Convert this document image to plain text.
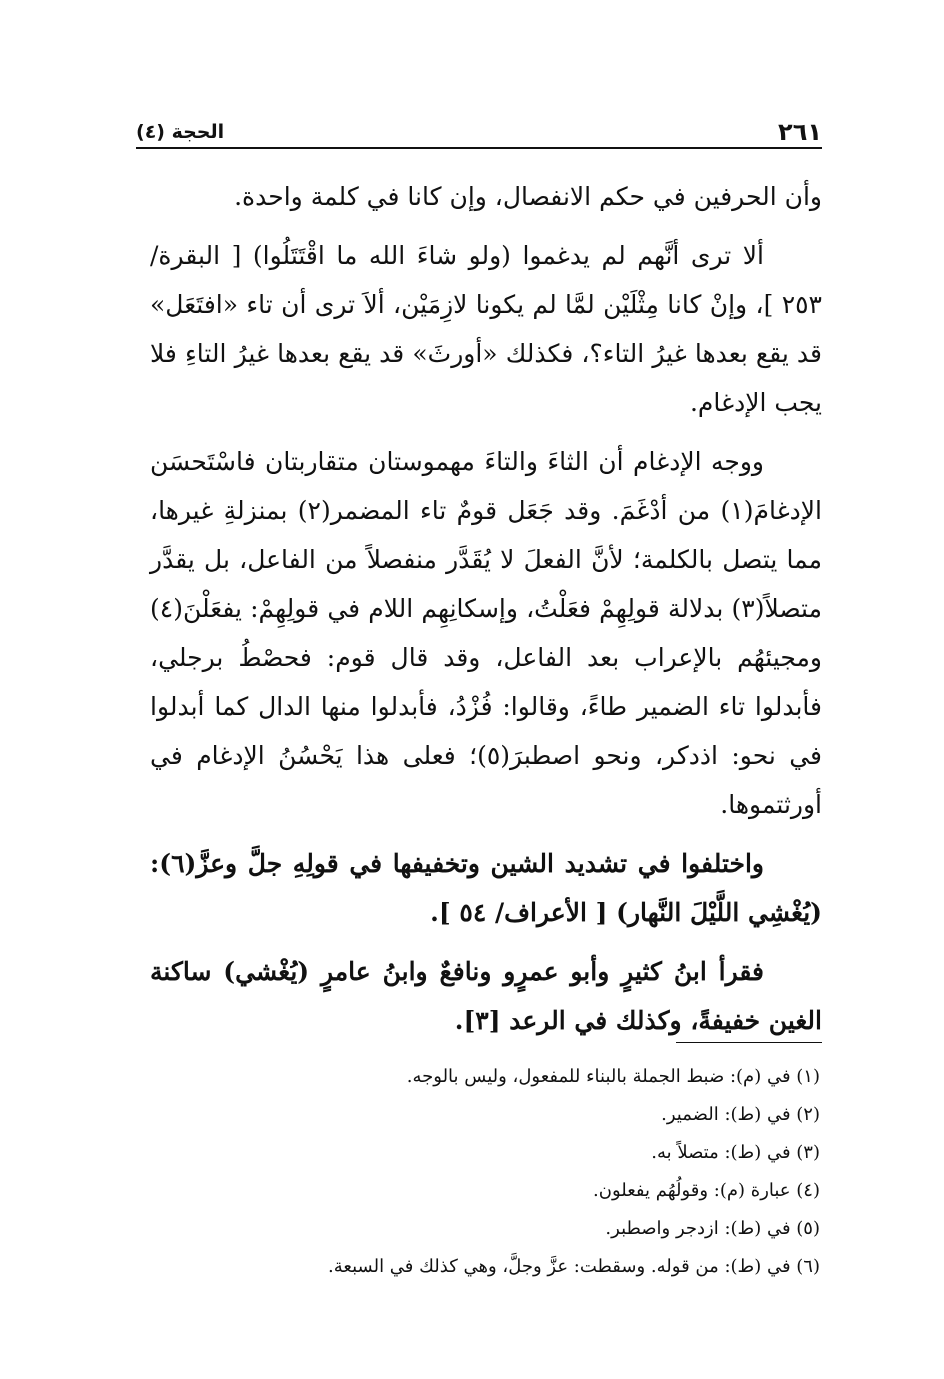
٢٦١
الحجة (٤)

وأن الحرفين في حكم الانفصال، وإن كانا في كلمة واحدة.

ألا ترى أنَّهم لم يدغموا (ولو شاءَ الله ما اقْتَتَلُوا) [ البقرة/٢٥٣ ]، وإنْ كانا مِثْلَيْن لمَّا لم يكونا لازِمَيْن، ألاَ ترى أن تاء «افتَعَل» قد يقع بعدها غيرُ التاء؟، فكذلك «أورثَ» قد يقع بعدها غيرُ التاءِ فلا يجب الإدغام.

ووجه الإدغام أن الثاءَ والتاءَ مهموستان متقاربتان فاسْتَحسَن الإدغامَ(١) من أدْغَمَ. وقد جَعَل قومٌ تاء المضمر(٢) بمنزلةِ غيرها، مما يتصل بالكلمة؛ لأنَّ الفعلَ لا يُقَدَّر منفصلاً من الفاعل، بل يقدَّر متصلاً(٣) بدلالة قولِهِمْ فعَلْتُ، وإسكانِهِم اللام في قولِهِمْ: يفعَلْنَ(٤) ومجيئهُم بالإعراب بعد الفاعل، وقد قال قوم: فحصْطُ برجلي، فأبدلوا تاء الضمير طاءً، وقالوا: فُزْدُ، فأبدلوا منها الدال كما أبدلوا في نحو: اذدكر، ونحو اصطبرَ(٥)؛ فعلى هذا يَحْسُنُ الإدغام في أورثتموها.

واختلفوا في تشديد الشين وتخفيفها في قولِهِ جلَّ وعزَّ(٦): (يُغْشِي اللَّيْلَ النَّهار) [ الأعراف/ ٥٤ ].

فقرأ ابنُ كثيرٍ وأبو عمرٍو ونافعٌ وابنُ عامرٍ (يُغْشي) ساكنة الغين خفيفةً، وكذلك في الرعد [٣].

(١) في (م): ضبط الجملة بالبناء للمفعول، وليس بالوجه.
(٢) في (ط): الضمير.
(٣) في (ط): متصلاً به.
(٤) عبارة (م): وقولُهُم يفعلون.
(٥) في (ط): ازدجر واصطبر.
(٦) في (ط): من قوله. وسقطت: عزَّ وجلَّ، وهي كذلك في السبعة.
